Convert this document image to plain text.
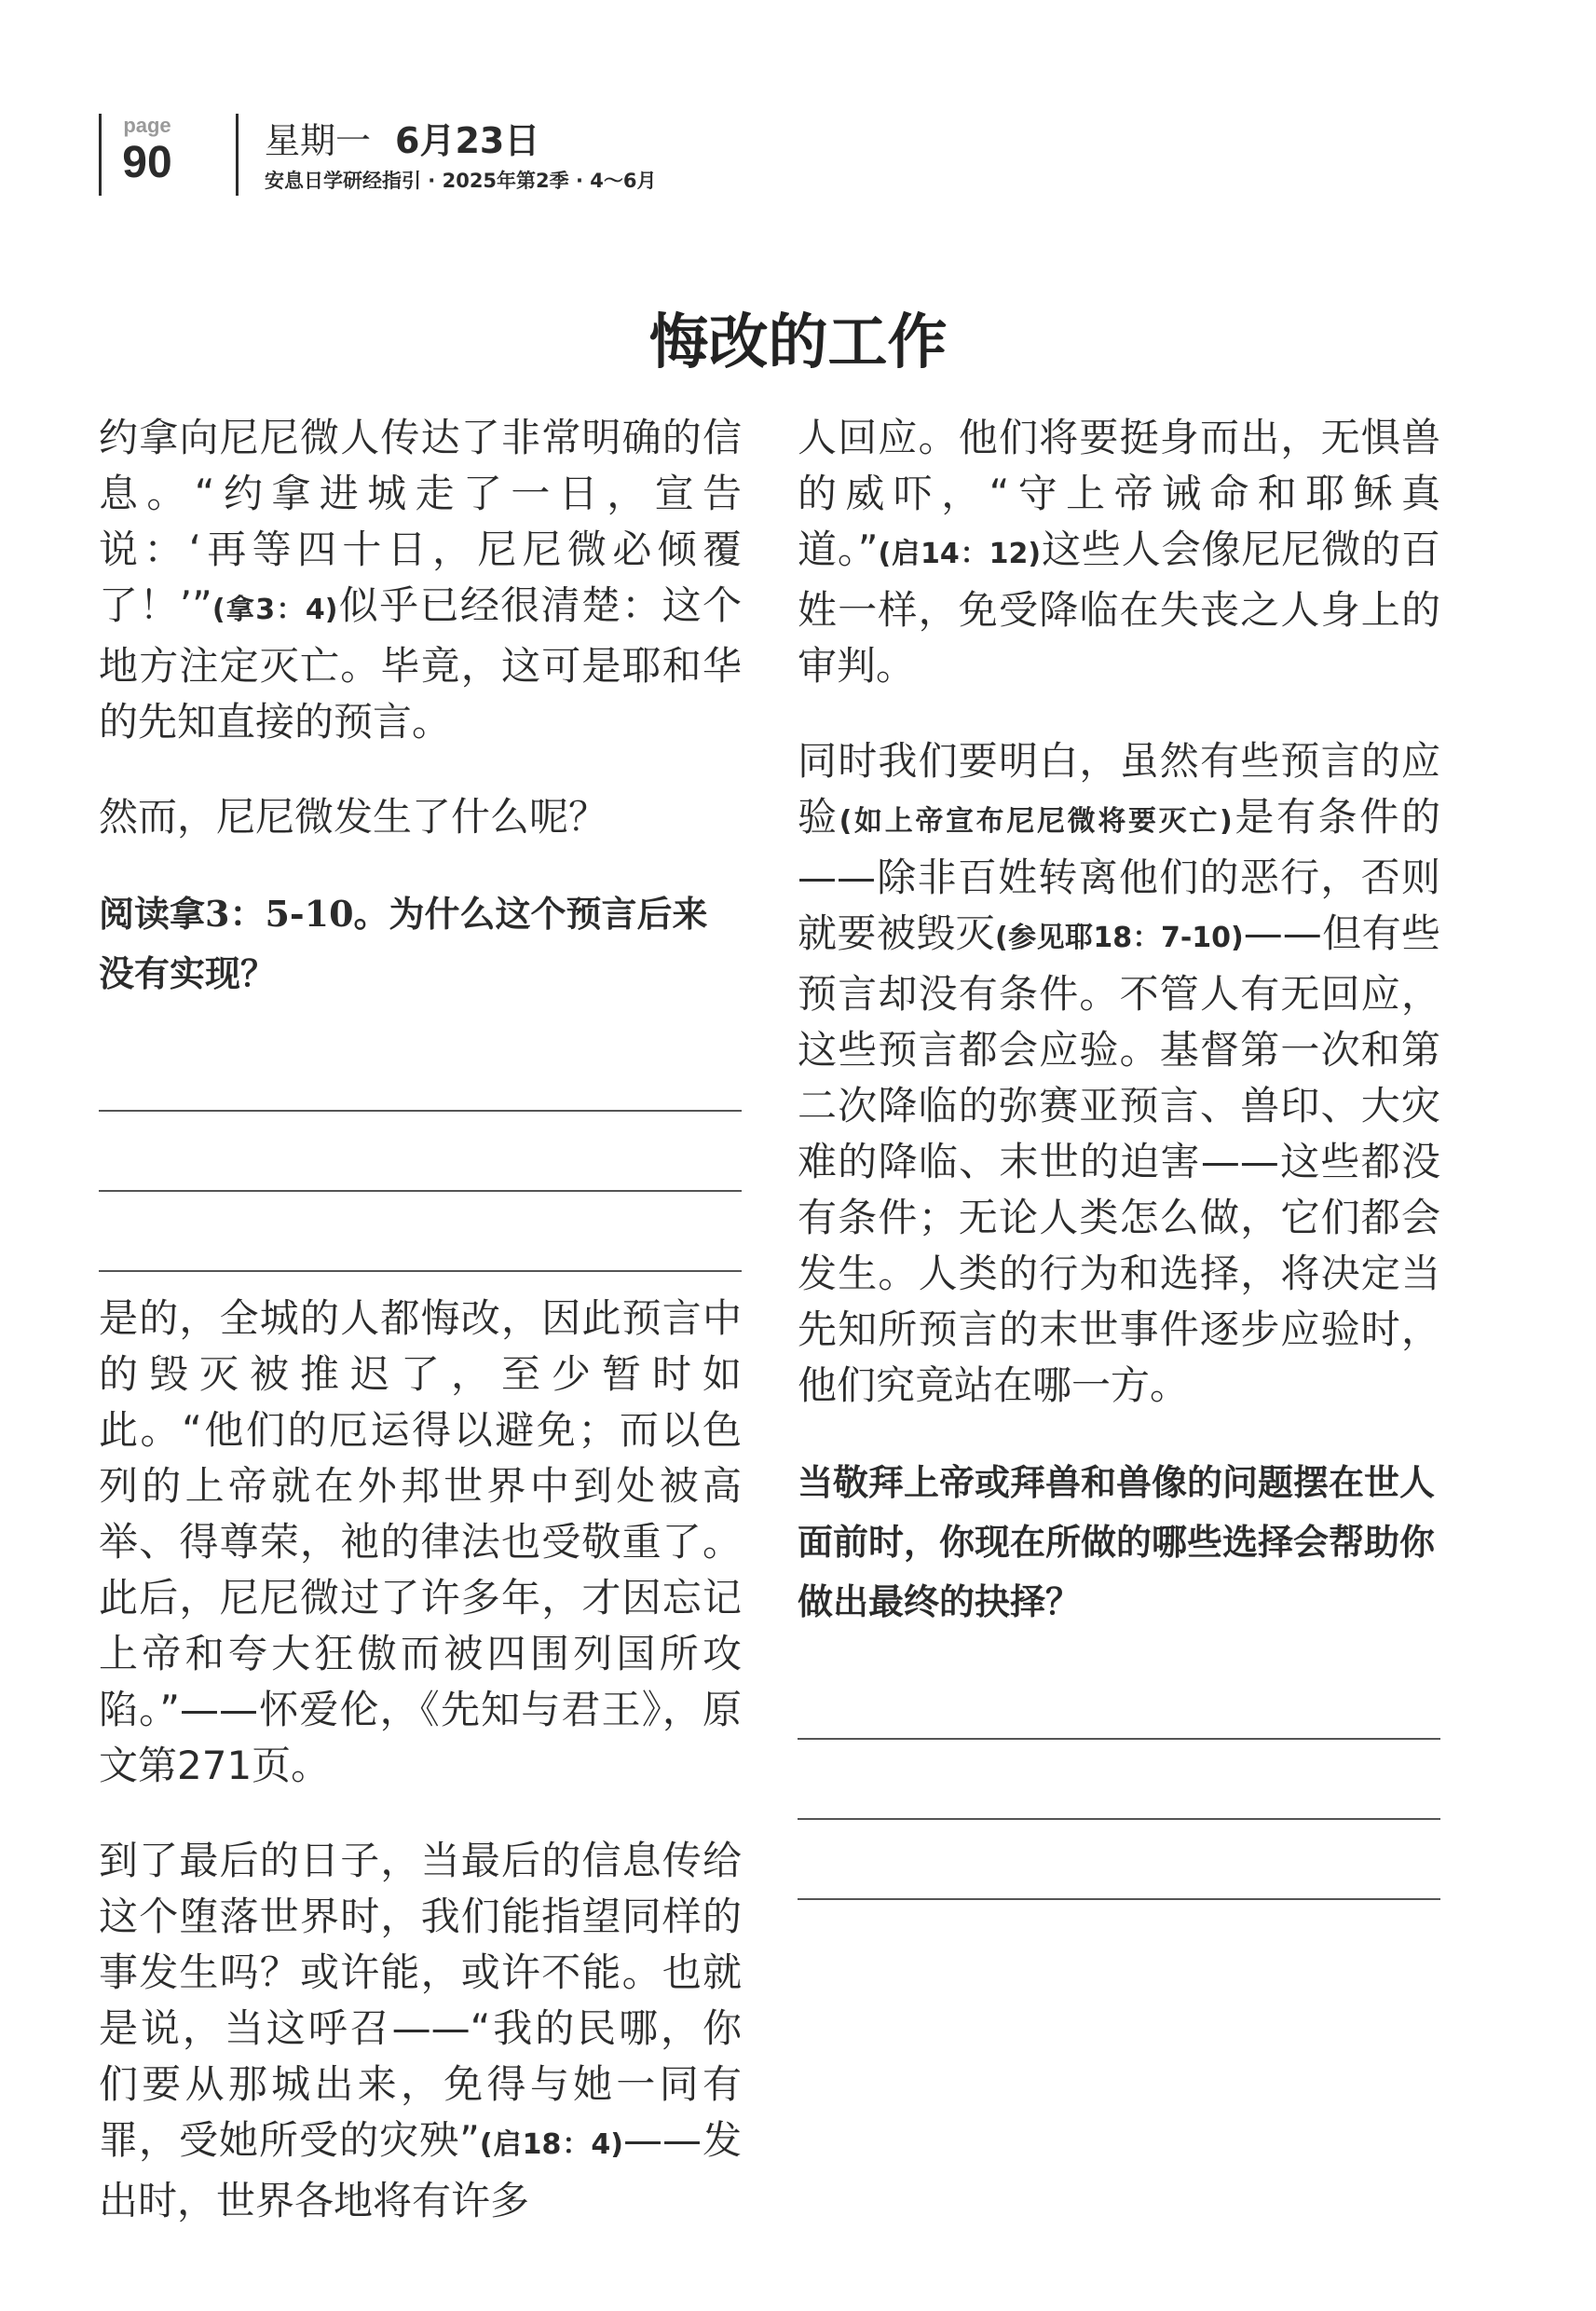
page
90	星期一 6月23日
安息日学研经指引 · 2025年第2季 · 4～6月
悔改的工作

约拿向尼尼微人传达了非常明确的信息。“约拿进城走了一日，宣告说：‘再等四十日，尼尼微必倾覆了！’”(拿3：4)似乎已经很清楚：这个地方注定灭亡。毕竟，这可是耶和华的先知直接的预言。

然而，尼尼微发生了什么呢？

阅读拿3：5-10。为什么这个预言后来没有实现？

是的，全城的人都悔改，因此预言中的毁灭被推迟了，至少暂时如此。“他们的厄运得以避免；而以色列的上帝就在外邦世界中到处被高举、得尊荣，祂的律法也受敬重了。此后，尼尼微过了许多年，才因忘记上帝和夸大狂傲而被四围列国所攻陷。”——怀爱伦，《先知与君王》，原文第271页。

到了最后的日子，当最后的信息传给这个堕落世界时，我们能指望同样的事发生吗？或许能，或许不能。也就是说，当这呼召——“我的民哪，你们要从那城出来，免得与她一同有罪，受她所受的灾殃”(启18：4)——发出时，世界各地将有许多

人回应。他们将要挺身而出，无惧兽的威吓，“守上帝诫命和耶稣真道。”(启14：12)这些人会像尼尼微的百姓一样，免受降临在失丧之人身上的审判。

同时我们要明白，虽然有些预言的应验(如上帝宣布尼尼微将要灭亡)是有条件的——除非百姓转离他们的恶行，否则就要被毁灭(参见耶18：7-10)——但有些预言却没有条件。不管人有无回应，这些预言都会应验。基督第一次和第二次降临的弥赛亚预言、兽印、大灾难的降临、末世的迫害——这些都没有条件；无论人类怎么做，它们都会发生。人类的行为和选择，将决定当先知所预言的末世事件逐步应验时，他们究竟站在哪一方。

当敬拜上帝或拜兽和兽像的问题摆在世人面前时，你现在所做的哪些选择会帮助你做出最终的抉择？
